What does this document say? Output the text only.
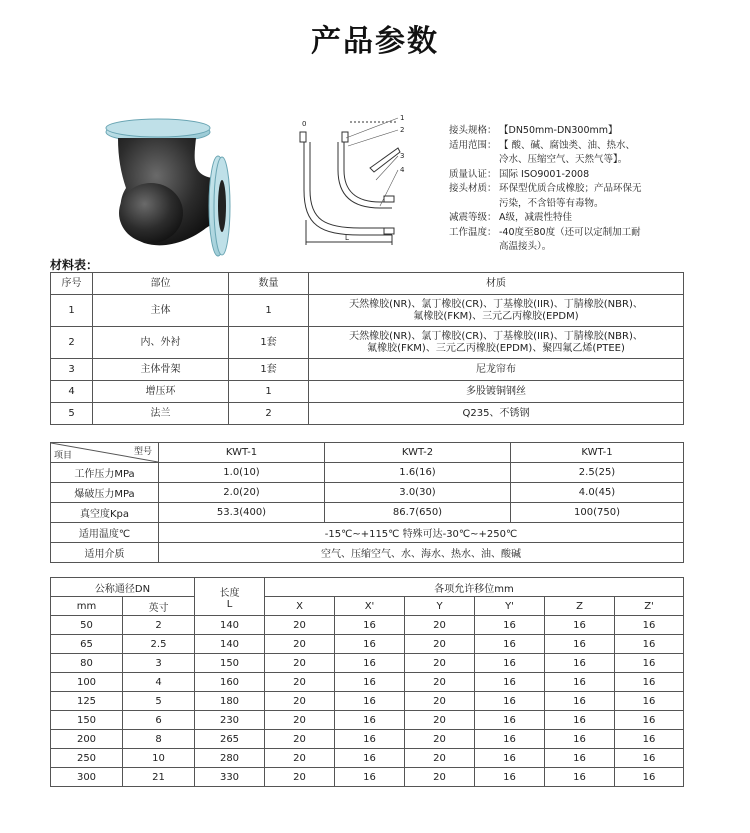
产品参数
1
2
3
4
L
0
接头规格： 【DN50mm-DN300mm】
适用范围： 【 酸、碱、腐蚀类、油、热水、
冷水、压缩空气、天然气等】。
质量认证： 国际 ISO9001-2008
接头材质： 环保型优质合成橡胶；产品环保无
污染，不含铅等有毒物。
减震等级： A级，减震性特佳
工作温度： -40度至80度（还可以定制加工耐
高温接头）。
材料表：
序号	部位	数量	材质
1	主体	1	天然橡胶(NR)、氯丁橡胶(CR)、丁基橡胶(IIR)、丁腈橡胶(NBR)、
氟橡胶(FKM)、三元乙丙橡胶(EPDM)
2	内、外衬	1套	天然橡胶(NR)、氯丁橡胶(CR)、丁基橡胶(IIR)、丁腈橡胶(NBR)、
氟橡胶(FKM)、三元乙丙橡胶(EPDM)、聚四氟乙烯(PTEE)
3	主体骨架	1套	尼龙帘布
4	增压环	1	多股镀铜钢丝
5	法兰	2	Q235、不锈钢
型号
项目	KWT-1	KWT-2	KWT-1
工作压力MPa	1.0(10)	1.6(16)	2.5(25)
爆破压力MPa	2.0(20)	3.0(30)	4.0(45)
真空度Kpa	53.3(400)	86.7(650)	100(750)
适用温度℃	-15℃~+115℃ 特殊可达-30℃~+250℃		
适用介质	空气、压缩空气、水、海水、热水、油、酸碱		
公称通径DN		长度
L	各项允许移位mm					
mm	英寸		X	X'	Y	Y'	Z	Z'
50	2	140	20	16	20	16	16	16
65	2.5	140	20	16	20	16	16	16
80	3	150	20	16	20	16	16	16
100	4	160	20	16	20	16	16	16
125	5	180	20	16	20	16	16	16
150	6	230	20	16	20	16	16	16
200	8	265	20	16	20	16	16	16
250	10	280	20	16	20	16	16	16
300	21	330	20	16	20	16	16	16
